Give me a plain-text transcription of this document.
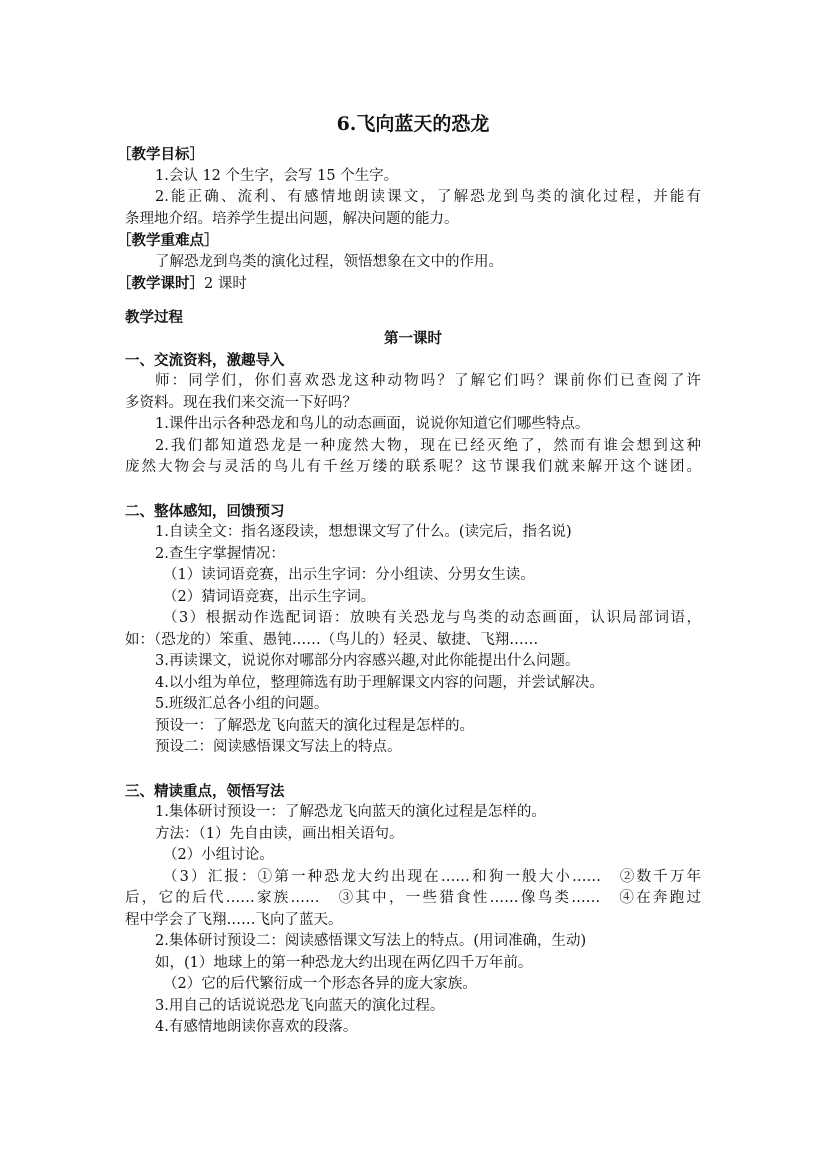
6.飞向蓝天的恐龙
［教学目标］
1.会认 12 个生字，会写 15 个生字。
2.能正确、流利、有感情地朗读课文，了解恐龙到鸟类的演化过程，并能有
条理地介绍。培养学生提出问题，解决问题的能力。
［教学重难点］
了解恐龙到鸟类的演化过程，领悟想象在文中的作用。
［教学课时］2 课时
教学过程
第一课时
一、交流资料，激趣导入
师：同学们，你们喜欢恐龙这种动物吗？了解它们吗？课前你们已查阅了许
多资料。现在我们来交流一下好吗？
1.课件出示各种恐龙和鸟儿的动态画面，说说你知道它们哪些特点。
2.我们都知道恐龙是一种庞然大物，现在已经灭绝了，然而有谁会想到这种
庞然大物会与灵活的鸟儿有千丝万缕的联系呢？这节课我们就来解开这个谜团。
二、整体感知，回馈预习
1.自读全文：指名逐段读，想想课文写了什么。(读完后，指名说)
2.查生字掌握情况：
（1）读词语竞赛，出示生字词：分小组读、分男女生读。
（2）猜词语竞赛，出示生字词。
（3）根据动作选配词语：放映有关恐龙与鸟类的动态画面，认识局部词语，
如：（恐龙的）笨重、愚钝……（鸟儿的）轻灵、敏捷、飞翔……
3.再读课文，说说你对哪部分内容感兴趣,对此你能提出什么问题。
4.以小组为单位，整理筛选有助于理解课文内容的问题，并尝试解决。
5.班级汇总各小组的问题。
预设一：了解恐龙飞向蓝天的演化过程是怎样的。
预设二：阅读感悟课文写法上的特点。
三、精读重点，领悟写法
1.集体研讨预设一：了解恐龙飞向蓝天的演化过程是怎样的。
方法：（1）先自由读，画出相关语句。
（2）小组讨论。
（3）汇报：①第一种恐龙大约出现在……和狗一般大小……　②数千万年
后，它的后代……家族……　③其中，一些猎食性……像鸟类……　④在奔跑过
程中学会了飞翔……飞向了蓝天。
2.集体研讨预设二：阅读感悟课文写法上的特点。(用词准确，生动)
如，(1）地球上的第一种恐龙大约出现在两亿四千万年前。
（2）它的后代繁衍成一个形态各异的庞大家族。
3.用自己的话说说恐龙飞向蓝天的演化过程。
4.有感情地朗读你喜欢的段落。
